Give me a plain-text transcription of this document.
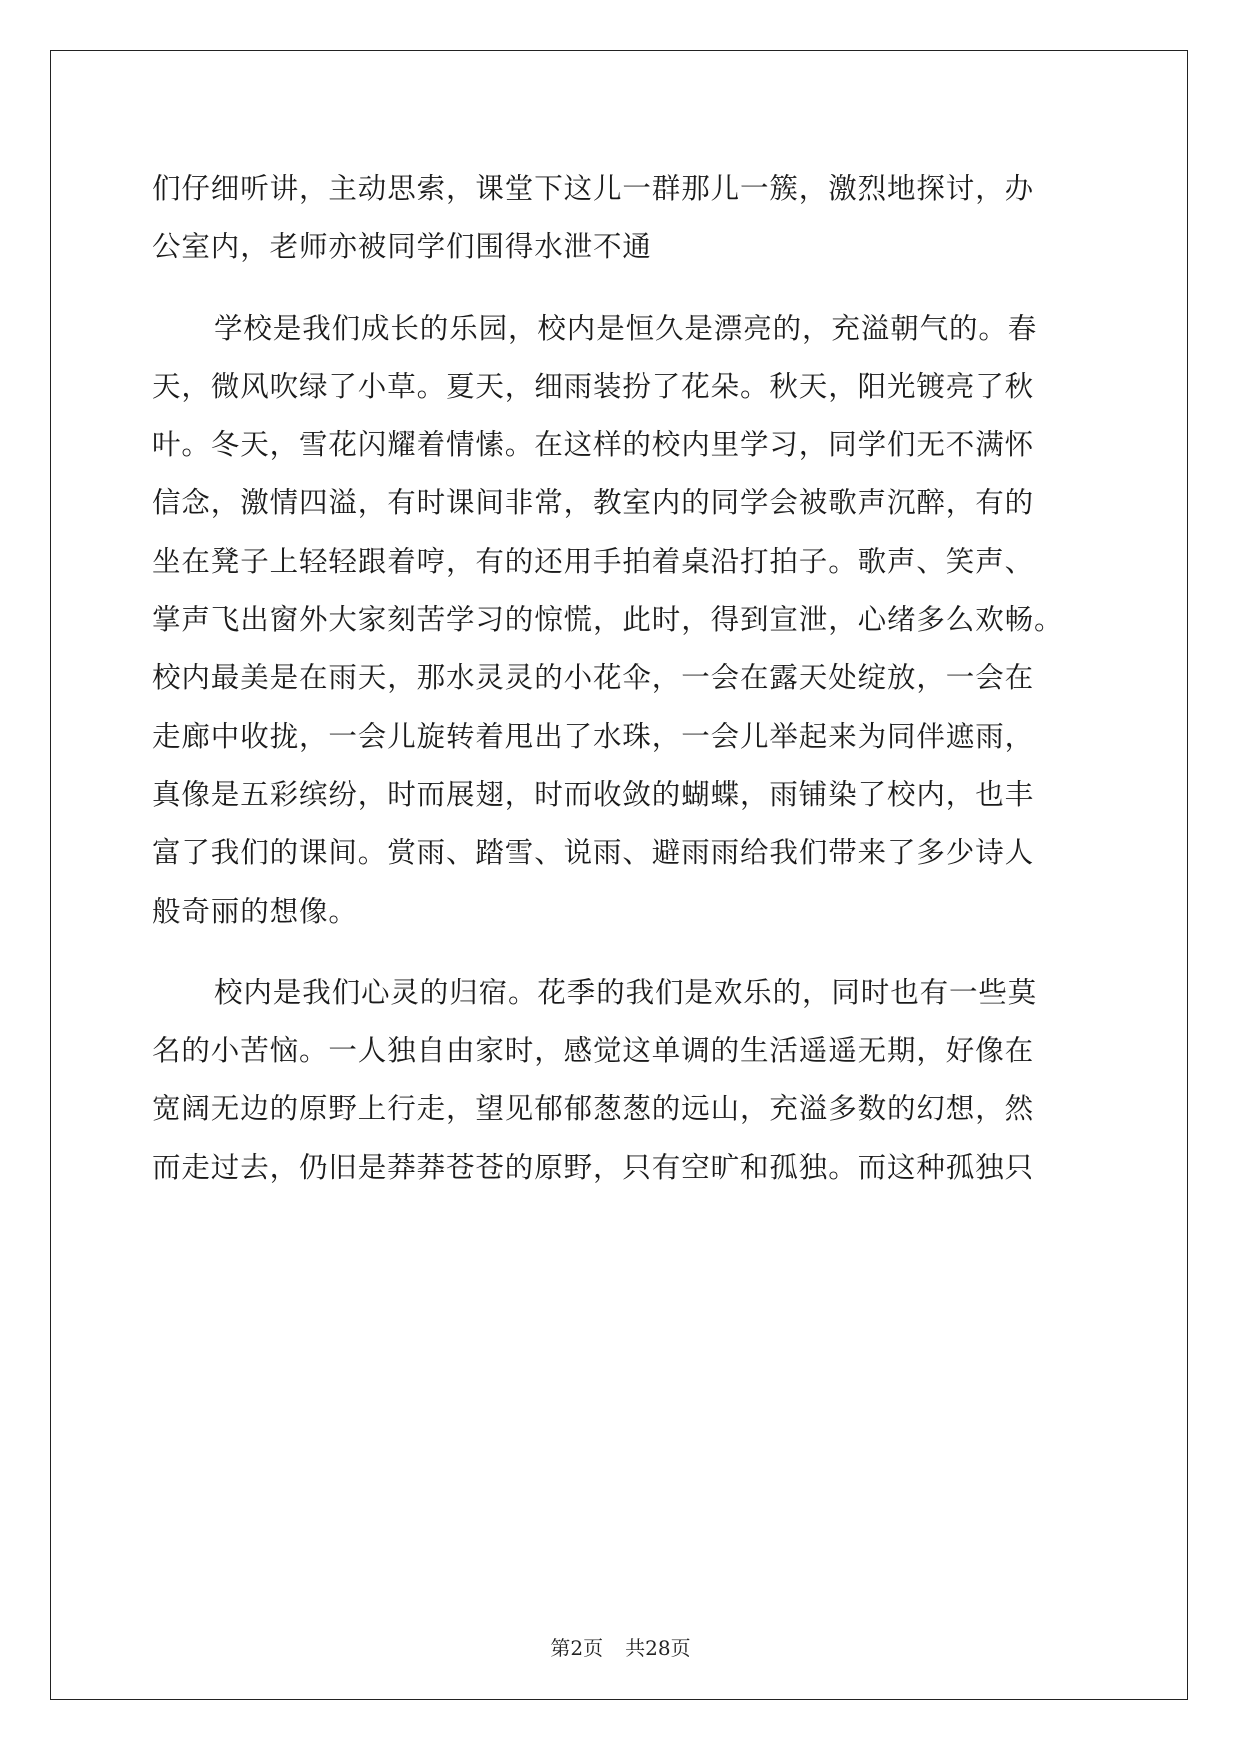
们仔细听讲，主动思索，课堂下这儿一群那儿一簇，激烈地探讨，办
公室内，老师亦被同学们围得水泄不通
学校是我们成长的乐园，校内是恒久是漂亮的，充溢朝气的。春
天，微风吹绿了小草。夏天，细雨装扮了花朵。秋天，阳光镀亮了秋
叶。冬天，雪花闪耀着情愫。在这样的校内里学习，同学们无不满怀
信念，激情四溢，有时课间非常，教室内的同学会被歌声沉醉，有的
坐在凳子上轻轻跟着哼，有的还用手拍着桌沿打拍子。歌声、笑声、
掌声飞出窗外大家刻苦学习的惊慌，此时，得到宣泄，心绪多么欢畅。
校内最美是在雨天，那水灵灵的小花伞，一会在露天处绽放，一会在
走廊中收拢，一会儿旋转着甩出了水珠，一会儿举起来为同伴遮雨，
真像是五彩缤纷，时而展翅，时而收敛的蝴蝶，雨铺染了校内，也丰
富了我们的课间。赏雨、踏雪、说雨、避雨雨给我们带来了多少诗人
般奇丽的想像。
校内是我们心灵的归宿。花季的我们是欢乐的，同时也有一些莫
名的小苦恼。一人独自由家时，感觉这单调的生活遥遥无期，好像在
宽阔无边的原野上行走，望见郁郁葱葱的远山，充溢多数的幻想，然
而走过去，仍旧是莽莽苍苍的原野，只有空旷和孤独。而这种孤独只
第2页 共28页
